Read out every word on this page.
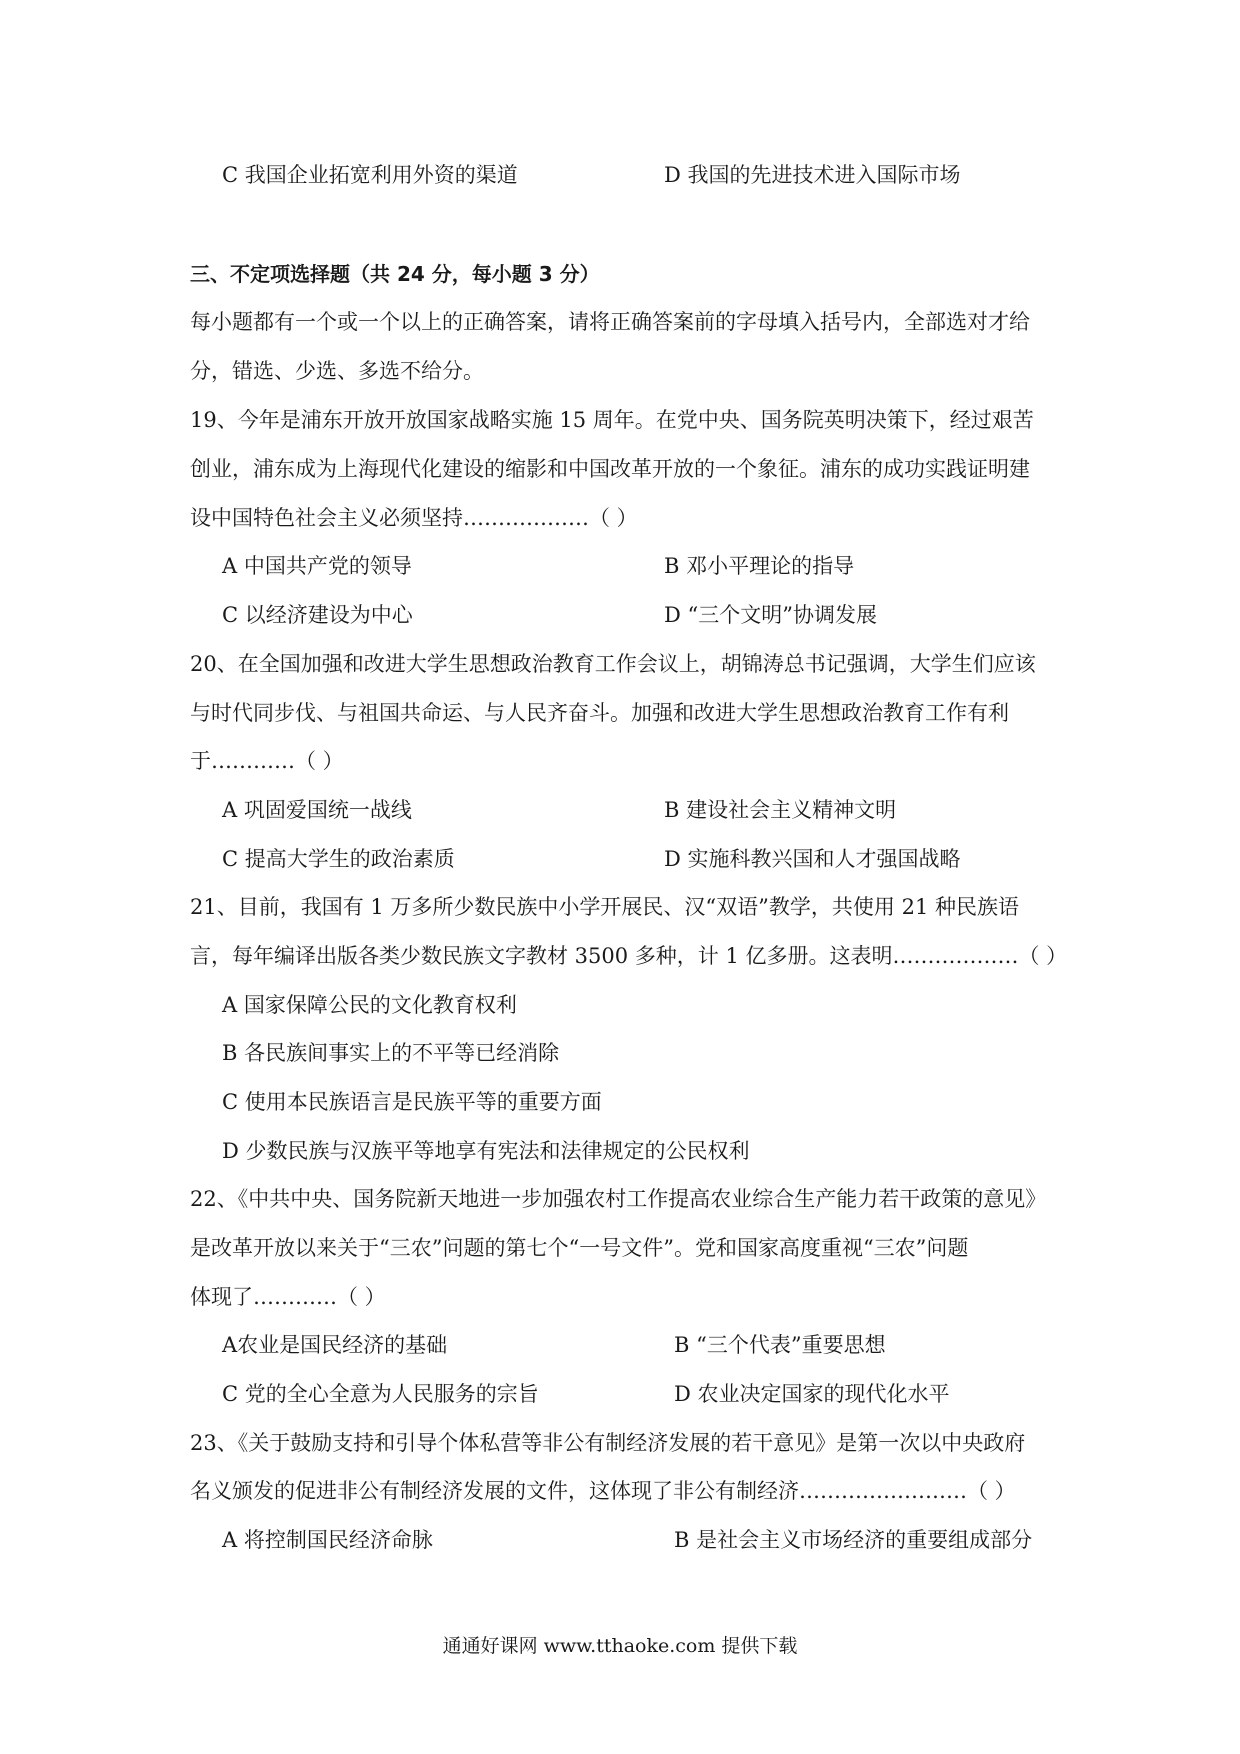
C 我国企业拓宽利用外资的渠道	D 我国的先进技术进入国际市场
三、不定项选择题（共 24 分，每小题 3 分）
每小题都有一个或一个以上的正确答案，请将正确答案前的字母填入括号内，全部选对才给
分，错选、少选、多选不给分。
19、今年是浦东开放开放国家战略实施 15 周年。在党中央、国务院英明决策下，经过艰苦
创业，浦东成为上海现代化建设的缩影和中国改革开放的一个象征。浦东的成功实践证明建
设中国特色社会主义必须坚持………………（ ）
A 中国共产党的领导	B 邓小平理论的指导
C 以经济建设为中心	D “三个文明”协调发展
20、在全国加强和改进大学生思想政治教育工作会议上，胡锦涛总书记强调，大学生们应该
与时代同步伐、与祖国共命运、与人民齐奋斗。加强和改进大学生思想政治教育工作有利
于…………（ ）
A 巩固爱国统一战线	B 建设社会主义精神文明
C 提高大学生的政治素质	D 实施科教兴国和人才强国战略
21、目前，我国有 1 万多所少数民族中小学开展民、汉“双语”教学，共使用 21 种民族语
言，每年编译出版各类少数民族文字教材 3500 多种，计 1 亿多册。这表明………………（ ）
A 国家保障公民的文化教育权利
B 各民族间事实上的不平等已经消除
C 使用本民族语言是民族平等的重要方面
D 少数民族与汉族平等地享有宪法和法律规定的公民权利
22、《中共中央、国务院新天地进一步加强农村工作提高农业综合生产能力若干政策的意见》
是改革开放以来关于“三农”问题的第七个“一号文件”。党和国家高度重视“三农”问题
体现了…………（ ）
A农业是国民经济的基础	B “三个代表”重要思想
C 党的全心全意为人民服务的宗旨	D 农业决定国家的现代化水平
23、《关于鼓励支持和引导个体私营等非公有制经济发展的若干意见》是第一次以中央政府
名义颁发的促进非公有制经济发展的文件，这体现了非公有制经济……………………（ ）
A 将控制国民经济命脉	B 是社会主义市场经济的重要组成部分
通通好课网 www.tthaoke.com 提供下载
